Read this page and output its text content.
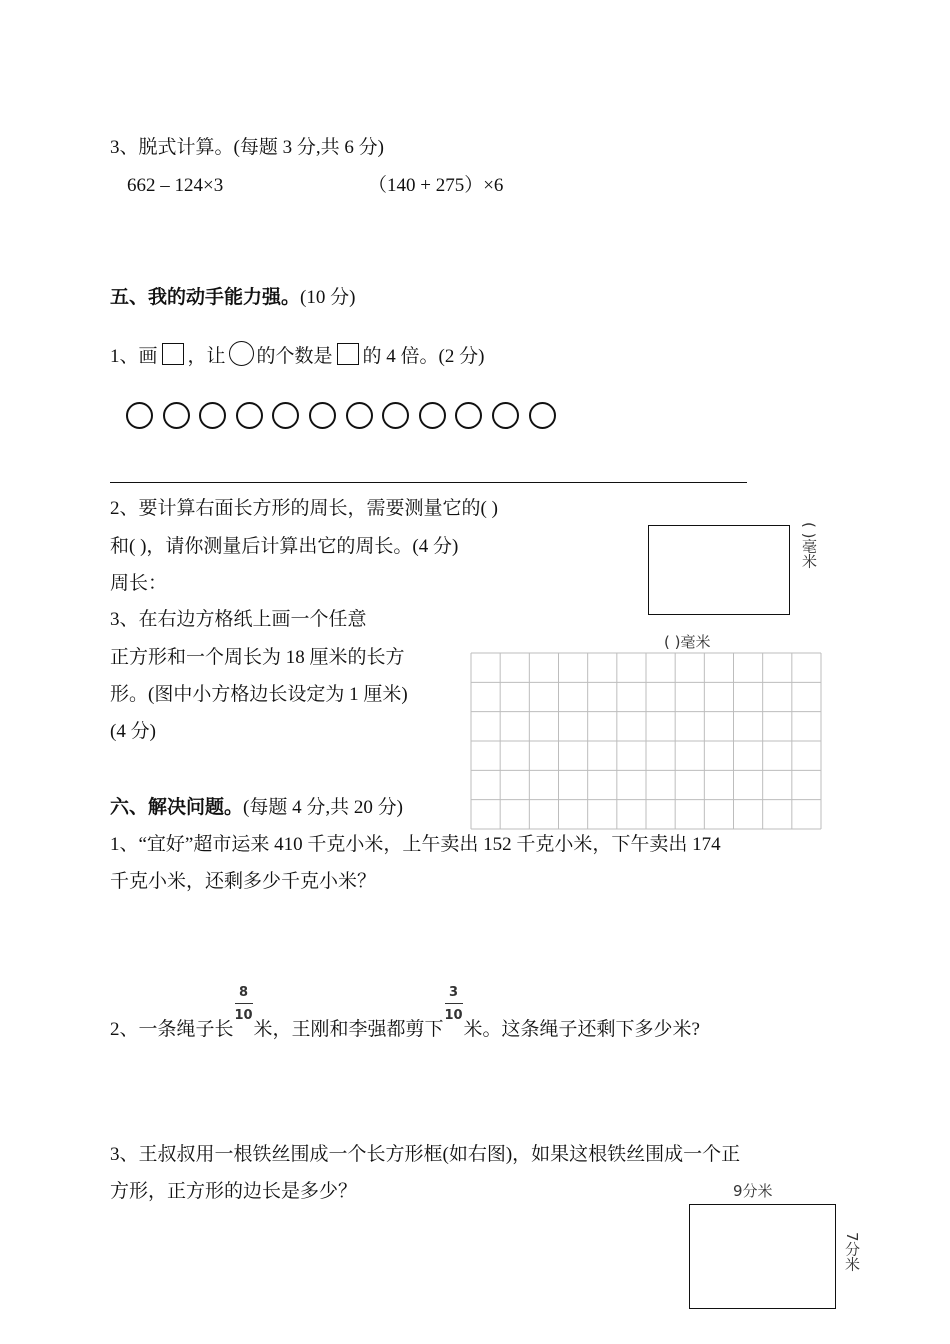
3、脱式计算。(每题 3 分,共 6 分)
662 – 124×3	（140 + 275）×6
五、我的动手能力强。(10 分)
1、画 ，让 的个数是 的 4 倍。(2 分)
2、要计算右面长方形的周长，需要测量它的( )
和( )，请你测量后计算出它的周长。(4 分)
周长：
( )毫米
( )毫米
3、在右边方格纸上画一个任意
正方形和一个周长为 18 厘米的长方
形。(图中小方格边长设定为 1 厘米)
(4 分)
六、解决问题。(每题 4 分,共 20 分)
1、“宜好”超市运来 410 千克小米，上午卖出 152 千克小米，下午卖出 174
千克小米，还剩多少千克小米？
2、一条绳子长 $\frac{8}{10}$ 米，王刚和李强都剪下 $\frac{3}{10}$ 米。这条绳子还剩下多少米?
3、王叔叔用一根铁丝围成一个长方形框(如右图)，如果这根铁丝围成一个正
方形，正方形的边长是多少？	9分米
7分米
